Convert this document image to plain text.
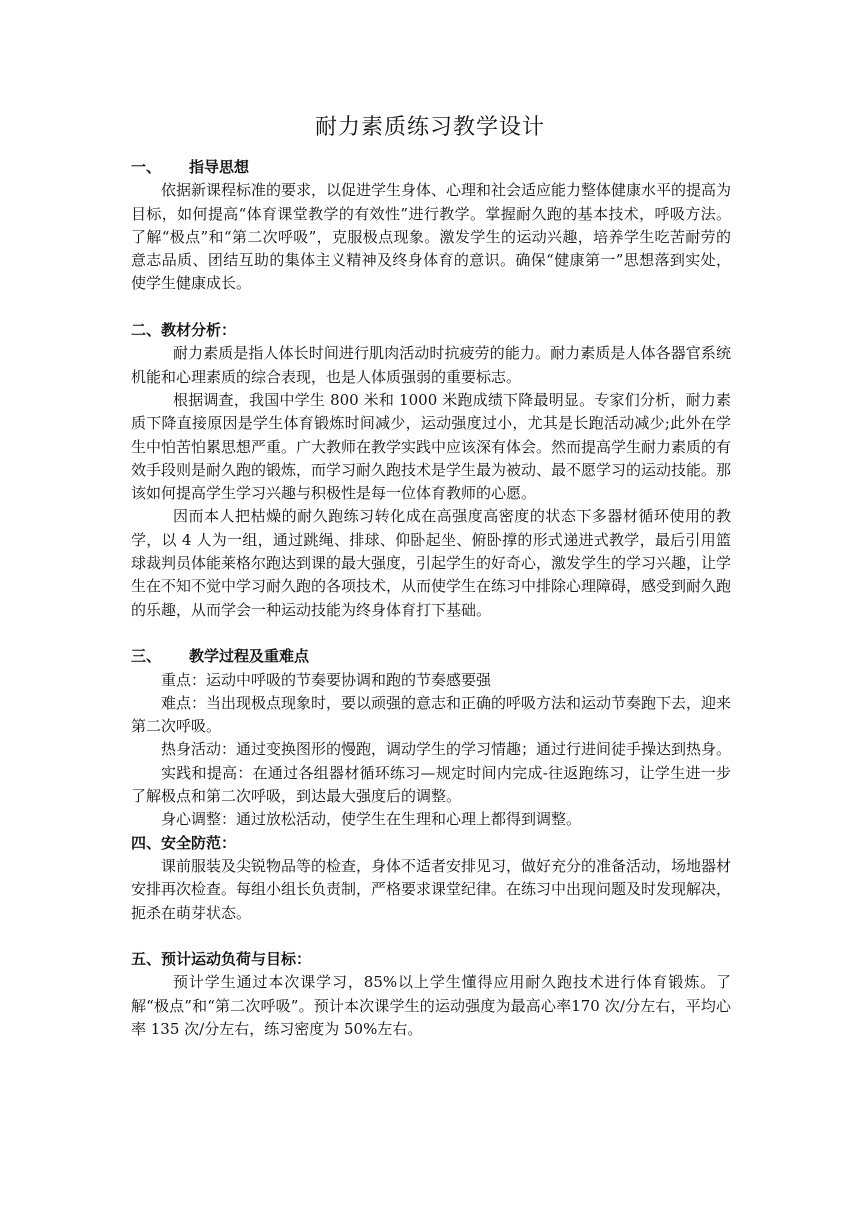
耐力素质练习教学设计
一、 指导思想

依据新课程标准的要求，以促进学生身体、心理和社会适应能力整体健康水平的提高为目标，如何提高“体育课堂教学的有效性”进行教学。掌握耐久跑的基本技术，呼吸方法。了解“极点”和“第二次呼吸”，克服极点现象。激发学生的运动兴趣，培养学生吃苦耐劳的意志品质、团结互助的集体主义精神及终身体育的意识。确保“健康第一”思想落到实处，使学生健康成长。

二、教材分析：

耐力素质是指人体长时间进行肌肉活动时抗疲劳的能力。耐力素质是人体各器官系统机能和心理素质的综合表现，也是人体质强弱的重要标志。

根据调查，我国中学生 800 米和 1000 米跑成绩下降最明显。专家们分析，耐力素质下降直接原因是学生体育锻炼时间减少，运动强度过小，尤其是长跑活动减少;此外在学生中怕苦怕累思想严重。广大教师在教学实践中应该深有体会。然而提高学生耐力素质的有效手段则是耐久跑的锻炼，而学习耐久跑技术是学生最为被动、最不愿学习的运动技能。那该如何提高学生学习兴趣与积极性是每一位体育教师的心愿。

因而本人把枯燥的耐久跑练习转化成在高强度高密度的状态下多器材循环使用的教学，以 4 人为一组，通过跳绳、排球、仰卧起坐、俯卧撑的形式递进式教学，最后引用篮球裁判员体能莱格尔跑达到课的最大强度，引起学生的好奇心，激发学生的学习兴趣，让学生在不知不觉中学习耐久跑的各项技术，从而使学生在练习中排除心理障碍，感受到耐久跑的乐趣，从而学会一种运动技能为终身体育打下基础。

三、 教学过程及重难点

重点：运动中呼吸的节奏要协调和跑的节奏感要强

难点：当出现极点现象时，要以顽强的意志和正确的呼吸方法和运动节奏跑下去，迎来第二次呼吸。

热身活动：通过变换图形的慢跑，调动学生的学习情趣；通过行进间徒手操达到热身。

实践和提高：在通过各组器材循环练习—规定时间内完成-往返跑练习，让学生进一步了解极点和第二次呼吸，到达最大强度后的调整。

身心调整：通过放松活动，使学生在生理和心理上都得到调整。

四、安全防范：

课前服装及尖锐物品等的检查，身体不适者安排见习，做好充分的准备活动，场地器材安排再次检查。每组小组长负责制，严格要求课堂纪律。在练习中出现问题及时发现解决，扼杀在萌芽状态。

五、预计运动负荷与目标：

预计学生通过本次课学习，85%以上学生懂得应用耐久跑技术进行体育锻炼。了解“极点”和“第二次呼吸”。预计本次课学生的运动强度为最高心率170 次/分左右，平均心率 135 次/分左右，练习密度为 50%左右。
